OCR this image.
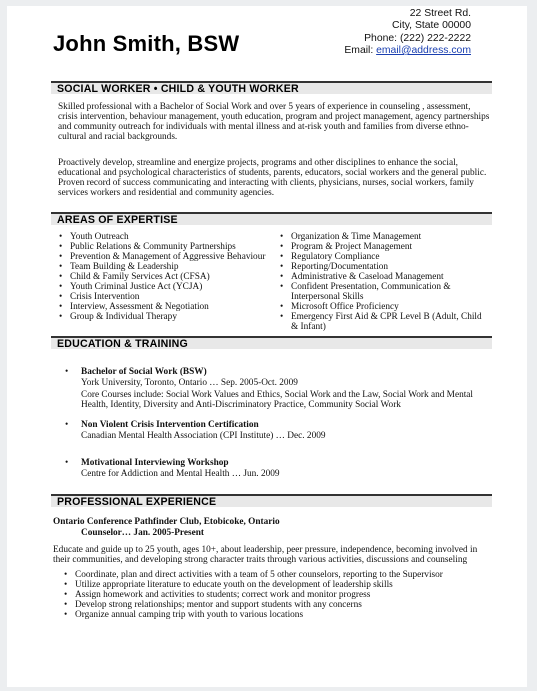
John Smith, BSW
22 Street Rd.
City, State 00000
Phone: (222) 222-2222
Email: email@address.com
SOCIAL WORKER • CHILD & YOUTH WORKER
Skilled professional with a Bachelor of Social Work and over 5 years of experience in counseling , assessment, crisis intervention, behaviour management, youth education, program and project management, agency partnerships and community outreach for individuals with mental illness and at-risk youth and families from diverse ethno-cultural and racial backgrounds.
Proactively develop, streamline and energize projects, programs and other disciplines to enhance the social, educational and psychological characteristics of students, parents, educators, social workers and the general public. Proven record of success communicating and interacting with clients, physicians, nurses, social workers, family services workers and residential and community agencies.
AREAS OF EXPERTISE
• Youth Outreach
• Public Relations & Community Partnerships
• Prevention & Management of Aggressive Behaviour
• Team Building & Leadership
• Child & Family Services Act (CFSA)
• Youth Criminal Justice Act (YCJA)
• Crisis Intervention
• Interview, Assessment & Negotiation
• Group & Individual Therapy
• Organization & Time Management
• Program & Project Management
• Regulatory Compliance
• Reporting/Documentation
• Administrative & Caseload Management
• Confident Presentation, Communication & Interpersonal Skills
• Microsoft Office Proficiency
• Emergency First Aid & CPR Level B (Adult, Child & Infant)
EDUCATION & TRAINING
• Bachelor of Social Work (BSW)
York University, Toronto, Ontario … Sep. 2005-Oct. 2009
Core Courses include: Social Work Values and Ethics, Social Work and the Law, Social Work and Mental Health, Identity, Diversity and Anti-Discriminatory Practice, Community Social Work
• Non Violent Crisis Intervention Certification
Canadian Mental Health Association (CPI Institute) … Dec. 2009
• Motivational Interviewing Workshop
Centre for Addiction and Mental Health … Jun. 2009
PROFESSIONAL EXPERIENCE
Ontario Conference Pathfinder Club, Etobicoke, Ontario
Counselor… Jan. 2005-Present
Educate and guide up to 25 youth, ages 10+, about leadership, peer pressure, independence, becoming involved in their communities, and developing strong character traits through various activities, discussions and counseling
• Coordinate, plan and direct activities with a team of 5 other counselors, reporting to the Supervisor
• Utilize appropriate literature to educate youth on the development of leadership skills
• Assign homework and activities to students; correct work and monitor progress
• Develop strong relationships; mentor and support students with any concerns
• Organize annual camping trip with youth to various locations
